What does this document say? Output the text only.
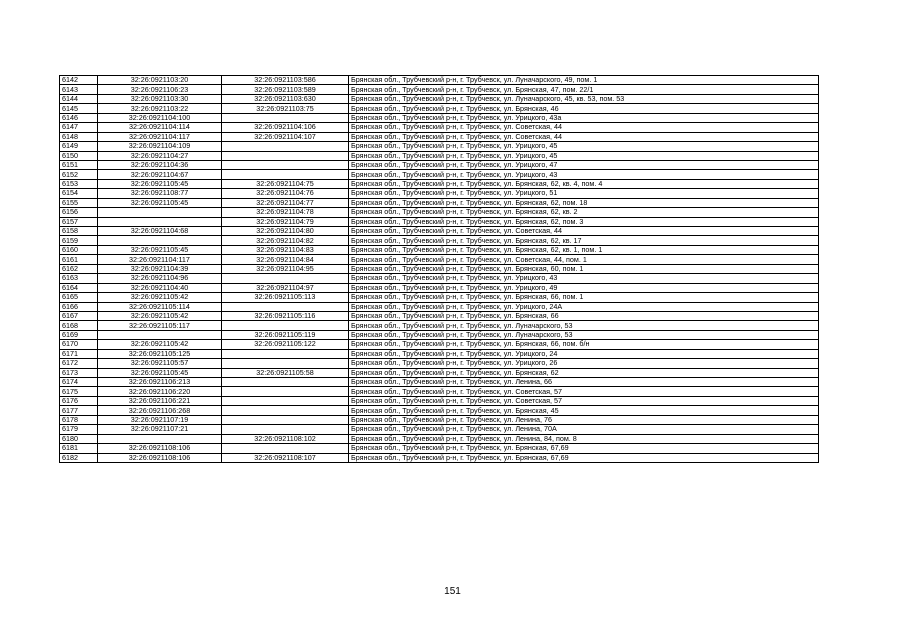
6142	32:26:0921103:20	32:26:0921103:586	Брянская обл., Трубчевский р-н, г. Трубчевск, ул. Луначарского, 49, пом. 1
6143	32:26:0921106:23	32:26:0921103:589	Брянская обл., Трубчевский р-н, г. Трубчевск, ул. Брянская, 47, пом. 22/1
6144	32:26:0921103:30	32:26:0921103:630	Брянская обл., Трубчевский р-н, г. Трубчевск, ул. Луначарского, 45, кв. 53, пом. 53
6145	32:26:0921103:22	32:26:0921103:75	Брянская обл., Трубчевский р-н, г. Трубчевск, ул. Брянская, 46
6146	32:26:0921104:100		Брянская обл., Трубчевский р-н, г. Трубчевск, ул. Урицкого, 43а
6147	32:26:0921104:114	32:26:0921104:106	Брянская обл., Трубчевский р-н, г. Трубчевск, ул. Советская, 44
6148	32:26:0921104:117	32:26:0921104:107	Брянская обл., Трубчевский р-н, г. Трубчевск, ул. Советская, 44
6149	32:26:0921104:109		Брянская обл., Трубчевский р-н, г. Трубчевск, ул. Урицкого, 45
6150	32:26:0921104:27		Брянская обл., Трубчевский р-н, г. Трубчевск, ул. Урицкого, 45
6151	32:26:0921104:36		Брянская обл., Трубчевский р-н, г. Трубчевск, ул. Урицкого, 47
6152	32:26:0921104:67		Брянская обл., Трубчевский р-н, г. Трубчевск, ул. Урицкого, 43
6153	32:26:0921105:45	32:26:0921104:75	Брянская обл., Трубчевский р-н, г. Трубчевск, ул. Брянская, 62, кв. 4, пом. 4
6154	32:26:0921108:77	32:26:0921104:76	Брянская обл., Трубчевский р-н, г. Трубчевск, ул. Урицкого, 51
6155	32:26:0921105:45	32:26:0921104:77	Брянская обл., Трубчевский р-н, г. Трубчевск, ул. Брянская, 62, пом. 18
6156		32:26:0921104:78	Брянская обл., Трубчевский р-н, г. Трубчевск, ул. Брянская, 62, кв. 2
6157		32:26:0921104:79	Брянская обл., Трубчевский р-н, г. Трубчевск, ул. Брянская, 62, пом. 3
6158	32:26:0921104:68	32:26:0921104:80	Брянская обл., Трубчевский р-н, г. Трубчевск, ул. Советская, 44
6159		32:26:0921104:82	Брянская обл., Трубчевский р-н, г. Трубчевск, ул. Брянская, 62, кв. 17
6160	32:26:0921105:45	32:26:0921104:83	Брянская обл., Трубчевский р-н, г. Трубчевск, ул. Брянская, 62, кв. 1, пом. 1
6161	32:26:0921104:117	32:26:0921104:84	Брянская обл., Трубчевский р-н, г. Трубчевск, ул. Советская, 44, пом. 1
6162	32:26:0921104:39	32:26:0921104:95	Брянская обл., Трубчевский р-н, г. Трубчевск, ул. Брянская, 60, пом. 1
6163	32:26:0921104:96		Брянская обл., Трубчевский р-н, г. Трубчевск, ул. Урицкого, 43
6164	32:26:0921104:40	32:26:0921104:97	Брянская обл., Трубчевский р-н, г. Трубчевск, ул. Урицкого, 49
6165	32:26:0921105:42	32:26:0921105:113	Брянская обл., Трубчевский р-н, г. Трубчевск, ул. Брянская, 66, пом. 1
6166	32:26:0921105:114		Брянская обл., Трубчевский р-н, г. Трубчевск, ул. Урицкого, 24А
6167	32:26:0921105:42	32:26:0921105:116	Брянская обл., Трубчевский р-н, г. Трубчевск, ул. Брянская, 66
6168	32:26:0921105:117		Брянская обл., Трубчевский р-н, г. Трубчевск, ул. Луначарского, 53
6169		32:26:0921105:119	Брянская обл., Трубчевский р-н, г. Трубчевск, ул. Луначарского, 53
6170	32:26:0921105:42	32:26:0921105:122	Брянская обл., Трубчевский р-н, г. Трубчевск, ул. Брянская, 66, пом. б/н
6171	32:26:0921105:125		Брянская обл., Трубчевский р-н, г. Трубчевск, ул. Урицкого, 24
6172	32:26:0921105:57		Брянская обл., Трубчевский р-н, г. Трубчевск, ул. Урицкого, 26
6173	32:26:0921105:45	32:26:0921105:58	Брянская обл., Трубчевский р-н, г. Трубчевск, ул. Брянская, 62
6174	32:26:0921106:213		Брянская обл., Трубчевский р-н, г. Трубчевск, ул. Ленина, 66
6175	32:26:0921106:220		Брянская обл., Трубчевский р-н, г. Трубчевск, ул. Советская, 57
6176	32:26:0921106:221		Брянская обл., Трубчевский р-н, г. Трубчевск, ул. Советская, 57
6177	32:26:0921106:268		Брянская обл., Трубчевский р-н, г. Трубчевск, ул. Брянская, 45
6178	32:26:0921107:19		Брянская обл., Трубчевский р-н, г. Трубчевск, ул. Ленина, 76
6179	32:26:0921107:21		Брянская обл., Трубчевский р-н, г. Трубчевск, ул. Ленина, 70А
6180		32:26:0921108:102	Брянская обл., Трубчевский р-н, г. Трубчевск, ул. Ленина, 84, пом. 8
6181	32:26:0921108:106		Брянская обл., Трубчевский р-н, г. Трубчевск, ул. Брянская, 67,69
6182	32:26:0921108:106	32:26:0921108:107	Брянская обл., Трубчевский р-н, г. Трубчевск, ул. Брянская, 67,69
151
